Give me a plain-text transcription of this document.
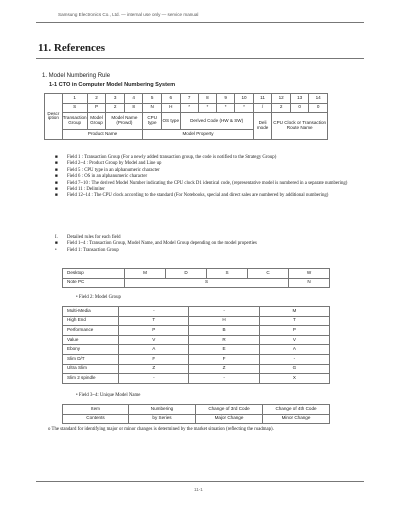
Samsung Electronics Co., Ltd. — internal use only — service manual
11. References
1. Model Numbering Rule
1-1 CTO in Computer Model Numbering System
Descr iption	1	2	3	4	5	6	7	8	9	10	11	12	13	14
	S	P	2	8	N	H	*	*	*	*	/	2	0	0
	Transaction Group	Model Group	Model Name (Prowd)		CPU type	OS type	Derived Code (HW & SW)				Deli mode	CPU Clock or Transaction Route Name		
	Product Name				Model Property									
■ Field 1 : Transaction Group (For a newly added transaction group, the code is notified to the Strategy Group)
■ Field 2~4 : Product Group by Model and Line up
■ Field 5 : CPU type in an alphanumeric character
■ Field 6 : OS in an alphanumeric character
■ Field 7~10 : The derived Model Number indicating the CPU clock D1 identical code, (representative model is numbered in a separate numbering)
■ Field 11 : Delimiter
■ Field 12~14 : The CPU clock according to the standard (For Notebooks, special and direct sales are numbered by additional numbering)
I. Detailed rules for each field
■ Field 1~4 : Transaction Group, Model Name, and Model Group depending on the model properties
• Field 1: Transaction Group
Desktop	M	D	S	C	W
Note PC	S				N
• Field 2: Model Group
Multi-Media	-	-	M
High End	T	H	T
Performance	P	B	P
Value	V	R	V
Ebony	A	E	A
Slim D/T	F	F	-
Ultra Slim	Z	Z	G
Slim 2 spindle	-	-	X
• Field 3~4: Unique Model Name
Item	Numbering	Change of 3rd Code	Change of 4th Code
Contents	by Series	Major Change	Minor Change
o The standard for identifying major or minor changes is determined by the market situation (reflecting the roadmap).
11-1
